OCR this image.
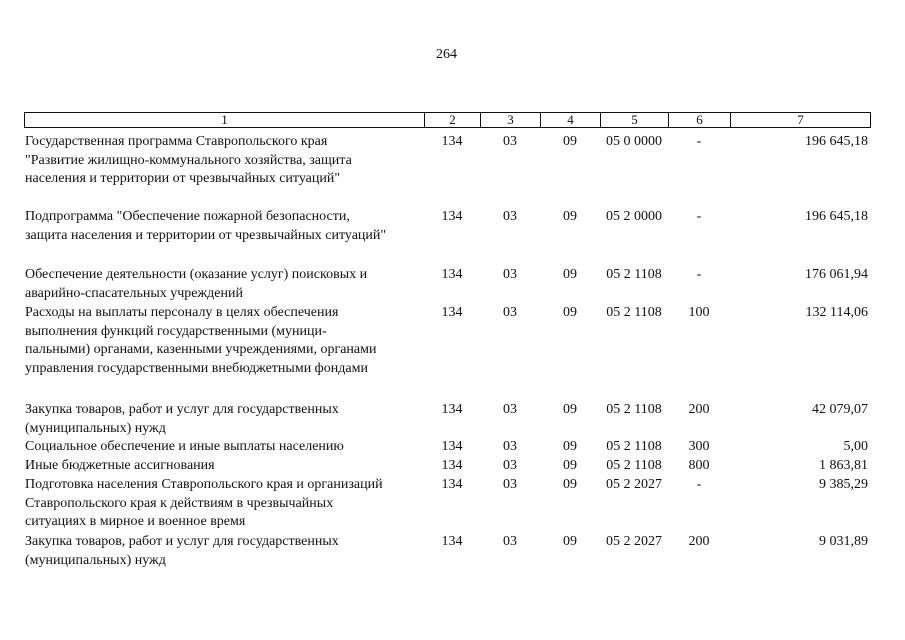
264
1	2	3	4	5	6	7
Государственная программа Ставропольского края
"Развитие жилищно-коммунального хозяйства, защита
населения и территории от чрезвычайных ситуаций"
134	03	09	05 0 0000	-	196 645,18
Подпрограмма "Обеспечение пожарной безопасности,
защита населения и территории от чрезвычайных ситуаций"
134	03	09	05 2 0000	-	196 645,18
Обеспечение деятельности (оказание услуг) поисковых и
аварийно-спасательных учреждений
134	03	09	05 2 1108	-	176 061,94
Расходы на выплаты персоналу в целях обеспечения
выполнения функций государственными (муници-
пальными) органами, казенными учреждениями, органами
управления государственными внебюджетными фондами
134	03	09	05 2 1108	100	132 114,06
Закупка товаров, работ и услуг для государственных
(муниципальных) нужд
134	03	09	05 2 1108	200	42 079,07
Социальное обеспечение и иные выплаты населению	134	03	09	05 2 1108	300	5,00
Иные бюджетные ассигнования	134	03	09	05 2 1108	800	1 863,81
Подготовка населения Ставропольского края и организаций
Ставропольского края к действиям в чрезвычайных
ситуациях в мирное и военное время
134	03	09	05 2 2027	-	9 385,29
Закупка товаров, работ и услуг для государственных
(муниципальных) нужд
134	03	09	05 2 2027	200	9 031,89
